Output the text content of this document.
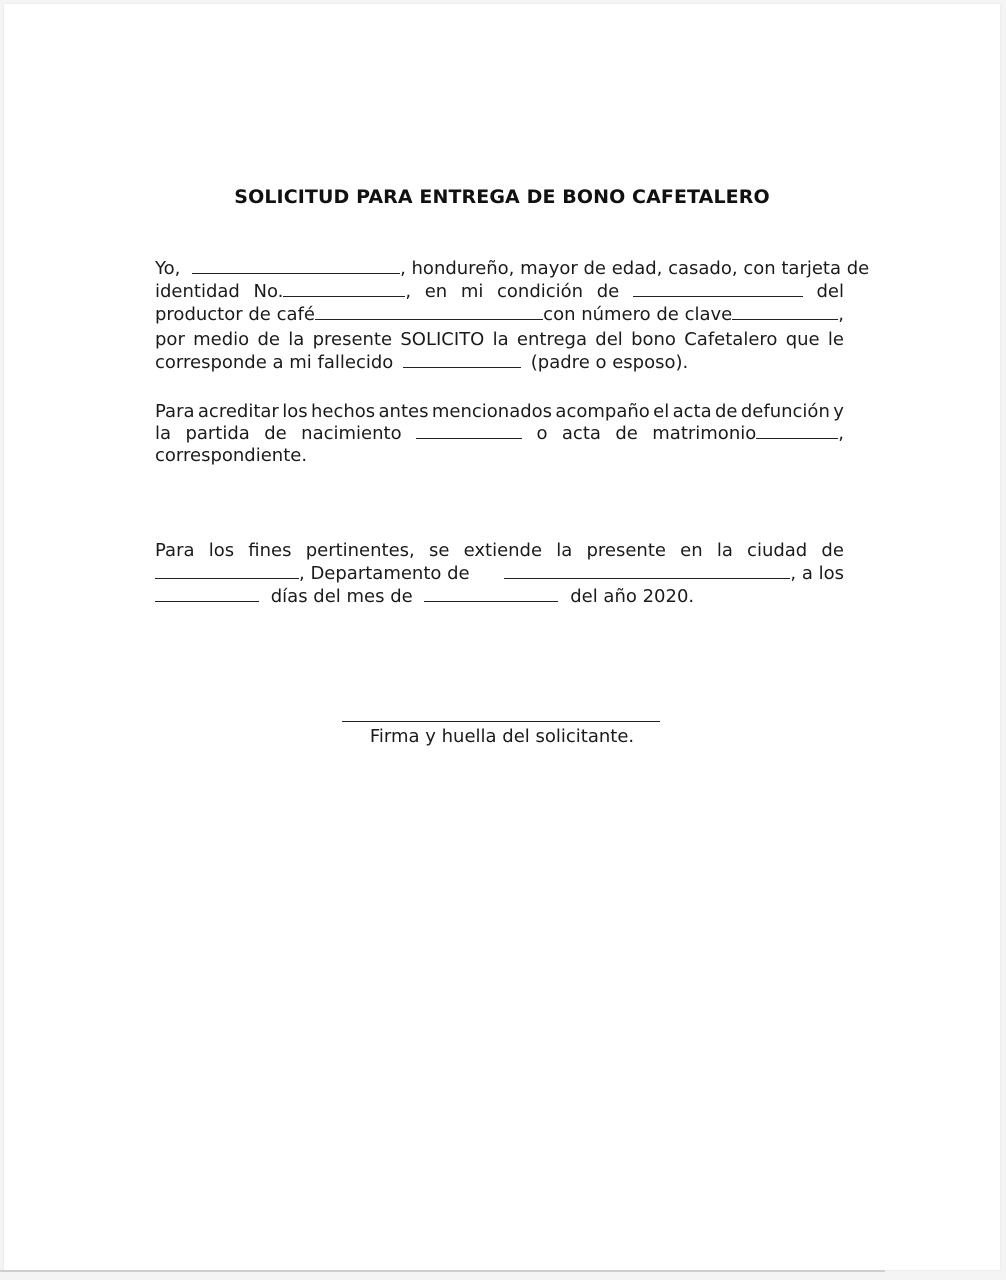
SOLICITUD PARA ENTREGA DE BONO CAFETALERO
Yo,	, hondureño, mayor de edad, casado, con tarjeta de
identidad No.	, en mi condición de	del
productor de café	con número de clave	,
por medio de la presente SOLICITO la entrega del bono Cafetalero que le
corresponde a mi fallecido	(padre o esposo).
Para acreditar los hechos antes mencionados acompaño el acta de defunción y
la partida de nacimiento	o acta de matrimonio	,
correspondiente.
Para los fines pertinentes, se extiende la presente en la ciudad de
, Departamento de	, a los
días del mes de	del año 2020.
Firma y huella del solicitante.
